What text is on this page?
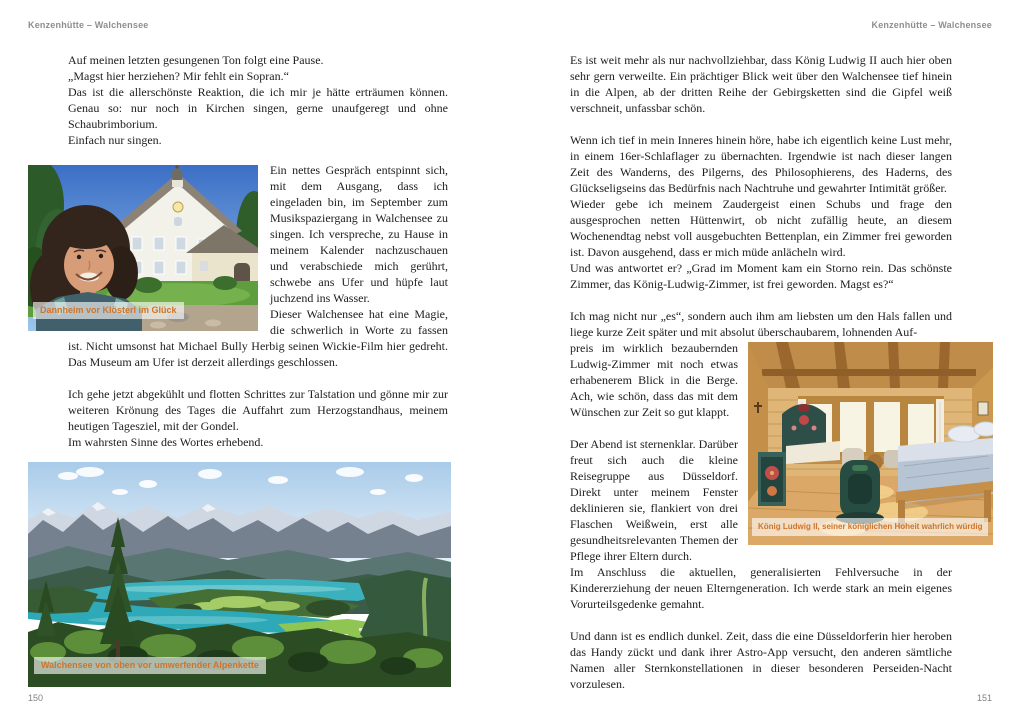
Kenzenhütte – Walchensee	Kenzenhütte – Walchensee
Auf meinen letzten gesungenen Ton folgt eine Pause.
„Magst hier herziehen? Mir fehlt ein Sopran.“
Das ist die allerschönste Reaktion, die ich mir je hätte erträumen können. Genau so: nur noch in Kirchen singen, gerne unaufgeregt und ohne Schaubrimborium.
Einfach nur singen.
Dannheim vor Klösterl im Glück

Ein nettes Gespräch entspinnt sich, mit dem Ausgang, dass ich eingeladen bin, im September zum Musikspaziergang in Walchensee zu singen. Ich verspreche, zu Hause in meinem Kalender nachzuschauen und verabschiede mich gerührt, schwebe ans Ufer und hüpfe laut juchzend ins Wasser.

Dieser Walchensee hat eine Magie, die schwerlich in Worte zu fassen ist. Nicht umsonst hat Michael Bully Herbig seinen Wickie-Film hier gedreht. Das Museum am Ufer ist derzeit allerdings geschlossen.

Ich gehe jetzt abgekühlt und flotten Schrittes zur Talstation und gönne mir zur weiteren Krönung des Tages die Auffahrt zum Herzogstandhaus, meinem heutigen Tagesziel, mit der Gondel.

Im wahrsten Sinne des Wortes erhebend.

Walchensee von oben vor umwerfender Alpenkette

Es ist weit mehr als nur nachvollziehbar, dass König Ludwig II auch hier oben sehr gern verweilte. Ein prächtiger Blick weit über den Walchensee tief hinein in die Alpen, ab der dritten Reihe der Gebirgsketten sind die Gipfel weiß verschneit, unfassbar schön.

Wenn ich tief in mein Inneres hinein höre, habe ich eigentlich keine Lust mehr, in einem 16er-Schlaflager zu übernachten. Irgendwie ist nach dieser langen Zeit des Wanderns, des Pilgerns, des Philosophierens, des Haderns, des Glückseligseins das Bedürfnis nach Nachtruhe und gewahrter Intimität größer.

Wieder gebe ich meinem Zaudergeist einen Schubs und frage den ausgesprochen netten Hüttenwirt, ob nicht zufällig heute, an diesem Wochenendtag nebst voll ausgebuchten Bettenplan, ein Zimmer frei geworden ist. Davon ausgehend, dass er mich müde anlächeln wird.

Und was antwortet er? „Grad im Moment kam ein Storno rein. Das schönste Zimmer, das König-Ludwig-Zimmer, ist frei geworden. Magst es?“

Ich mag nicht nur „es“, sondern auch ihm am liebsten um den Hals fallen und liege kurze Zeit später und mit absolut überschaubarem, lohnenden Auf-

König Ludwig II, seiner königlichen Hoheit wahrlich würdig

preis im wirklich bezaubernden Ludwig-Zimmer mit noch etwas erhabenerem Blick in die Berge. Ach, wie schön, dass das mit dem Wünschen zur Zeit so gut klappt.

Der Abend ist sternenklar. Darüber freut sich auch die kleine Reisegruppe aus Düsseldorf. Direkt unter meinem Fenster deklinieren sie, flankiert von drei Flaschen Weißwein, erst alle gesundheitsrelevanten Themen der Pflege ihrer Eltern durch.

Im Anschluss die aktuellen, generalisierten Fehlversuche in der Kindererziehung der neuen Elterngeneration. Ich werde stark an mein eigenes Vorurteilsgedenke gemahnt.

Und dann ist es endlich dunkel. Zeit, dass die eine Düsseldorferin hier heroben das Handy zückt und dank ihrer Astro-App versucht, den anderen sämtliche Namen aller Sternkonstellationen in dieser besonderen Perseiden-Nacht vorzulesen.

150	151
